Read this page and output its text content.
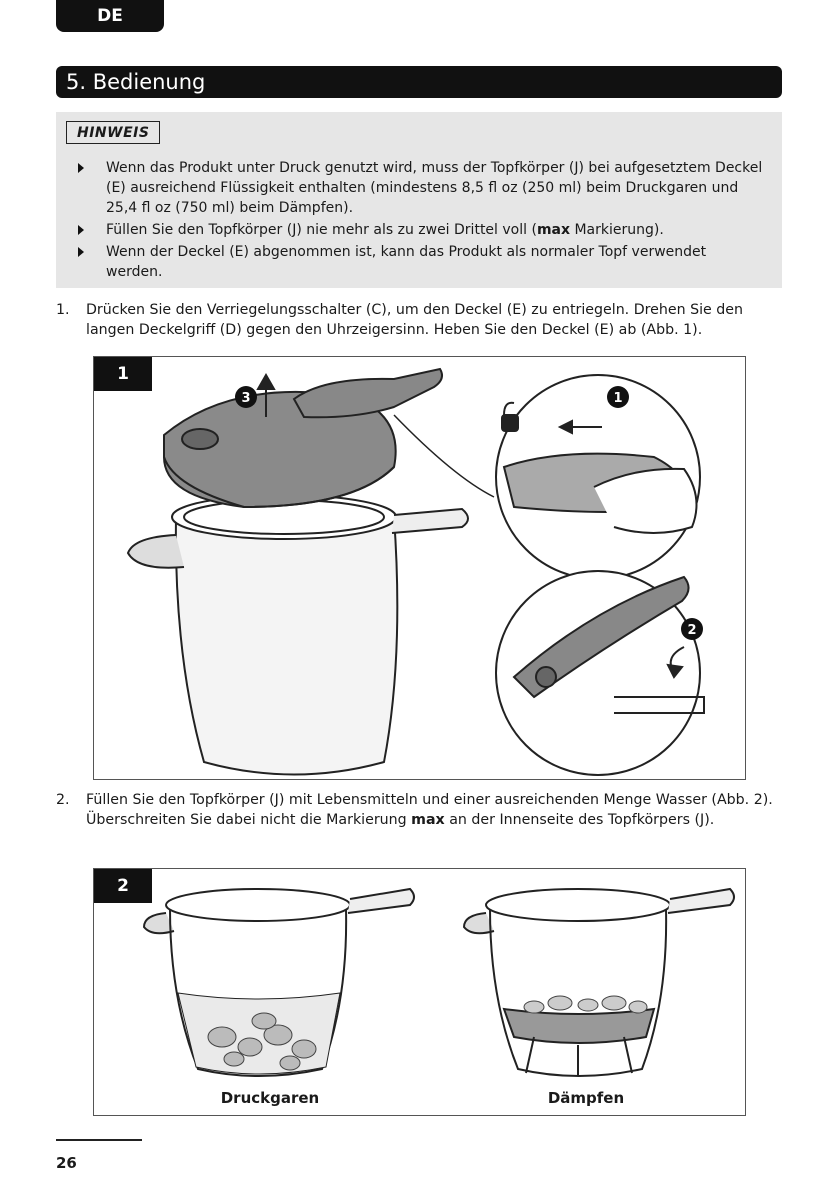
DE
5. Bedienung
HINWEIS
Wenn das Produkt unter Druck genutzt wird, muss der Topfkörper (J) bei aufgesetztem Deckel (E) ausreichend Flüssigkeit enthalten (mindestens 8,5 fl oz (250 ml) beim Druckgaren und 25,4 fl oz (750 ml) beim Dämpfen).
Füllen Sie den Topfkörper (J) nie mehr als zu zwei Drittel voll (max Markierung).
Wenn der Deckel (E) abgenommen ist, kann das Produkt als normaler Topf verwendet werden.
1. Drücken Sie den Verriegelungsschalter (C), um den Deckel (E) zu entriegeln. Drehen Sie den langen Deckelgriff (D) gegen den Uhrzeigersinn. Heben Sie den Deckel (E) ab (Abb. 1).
3	1
2
1
2. Füllen Sie den Topfkörper (J) mit Lebensmitteln und einer ausreichenden Menge Wasser (Abb. 2). Überschreiten Sie dabei nicht die Markierung max an der Innenseite des Topfkörpers (J).
2
Druckgaren	Dämpfen
26
